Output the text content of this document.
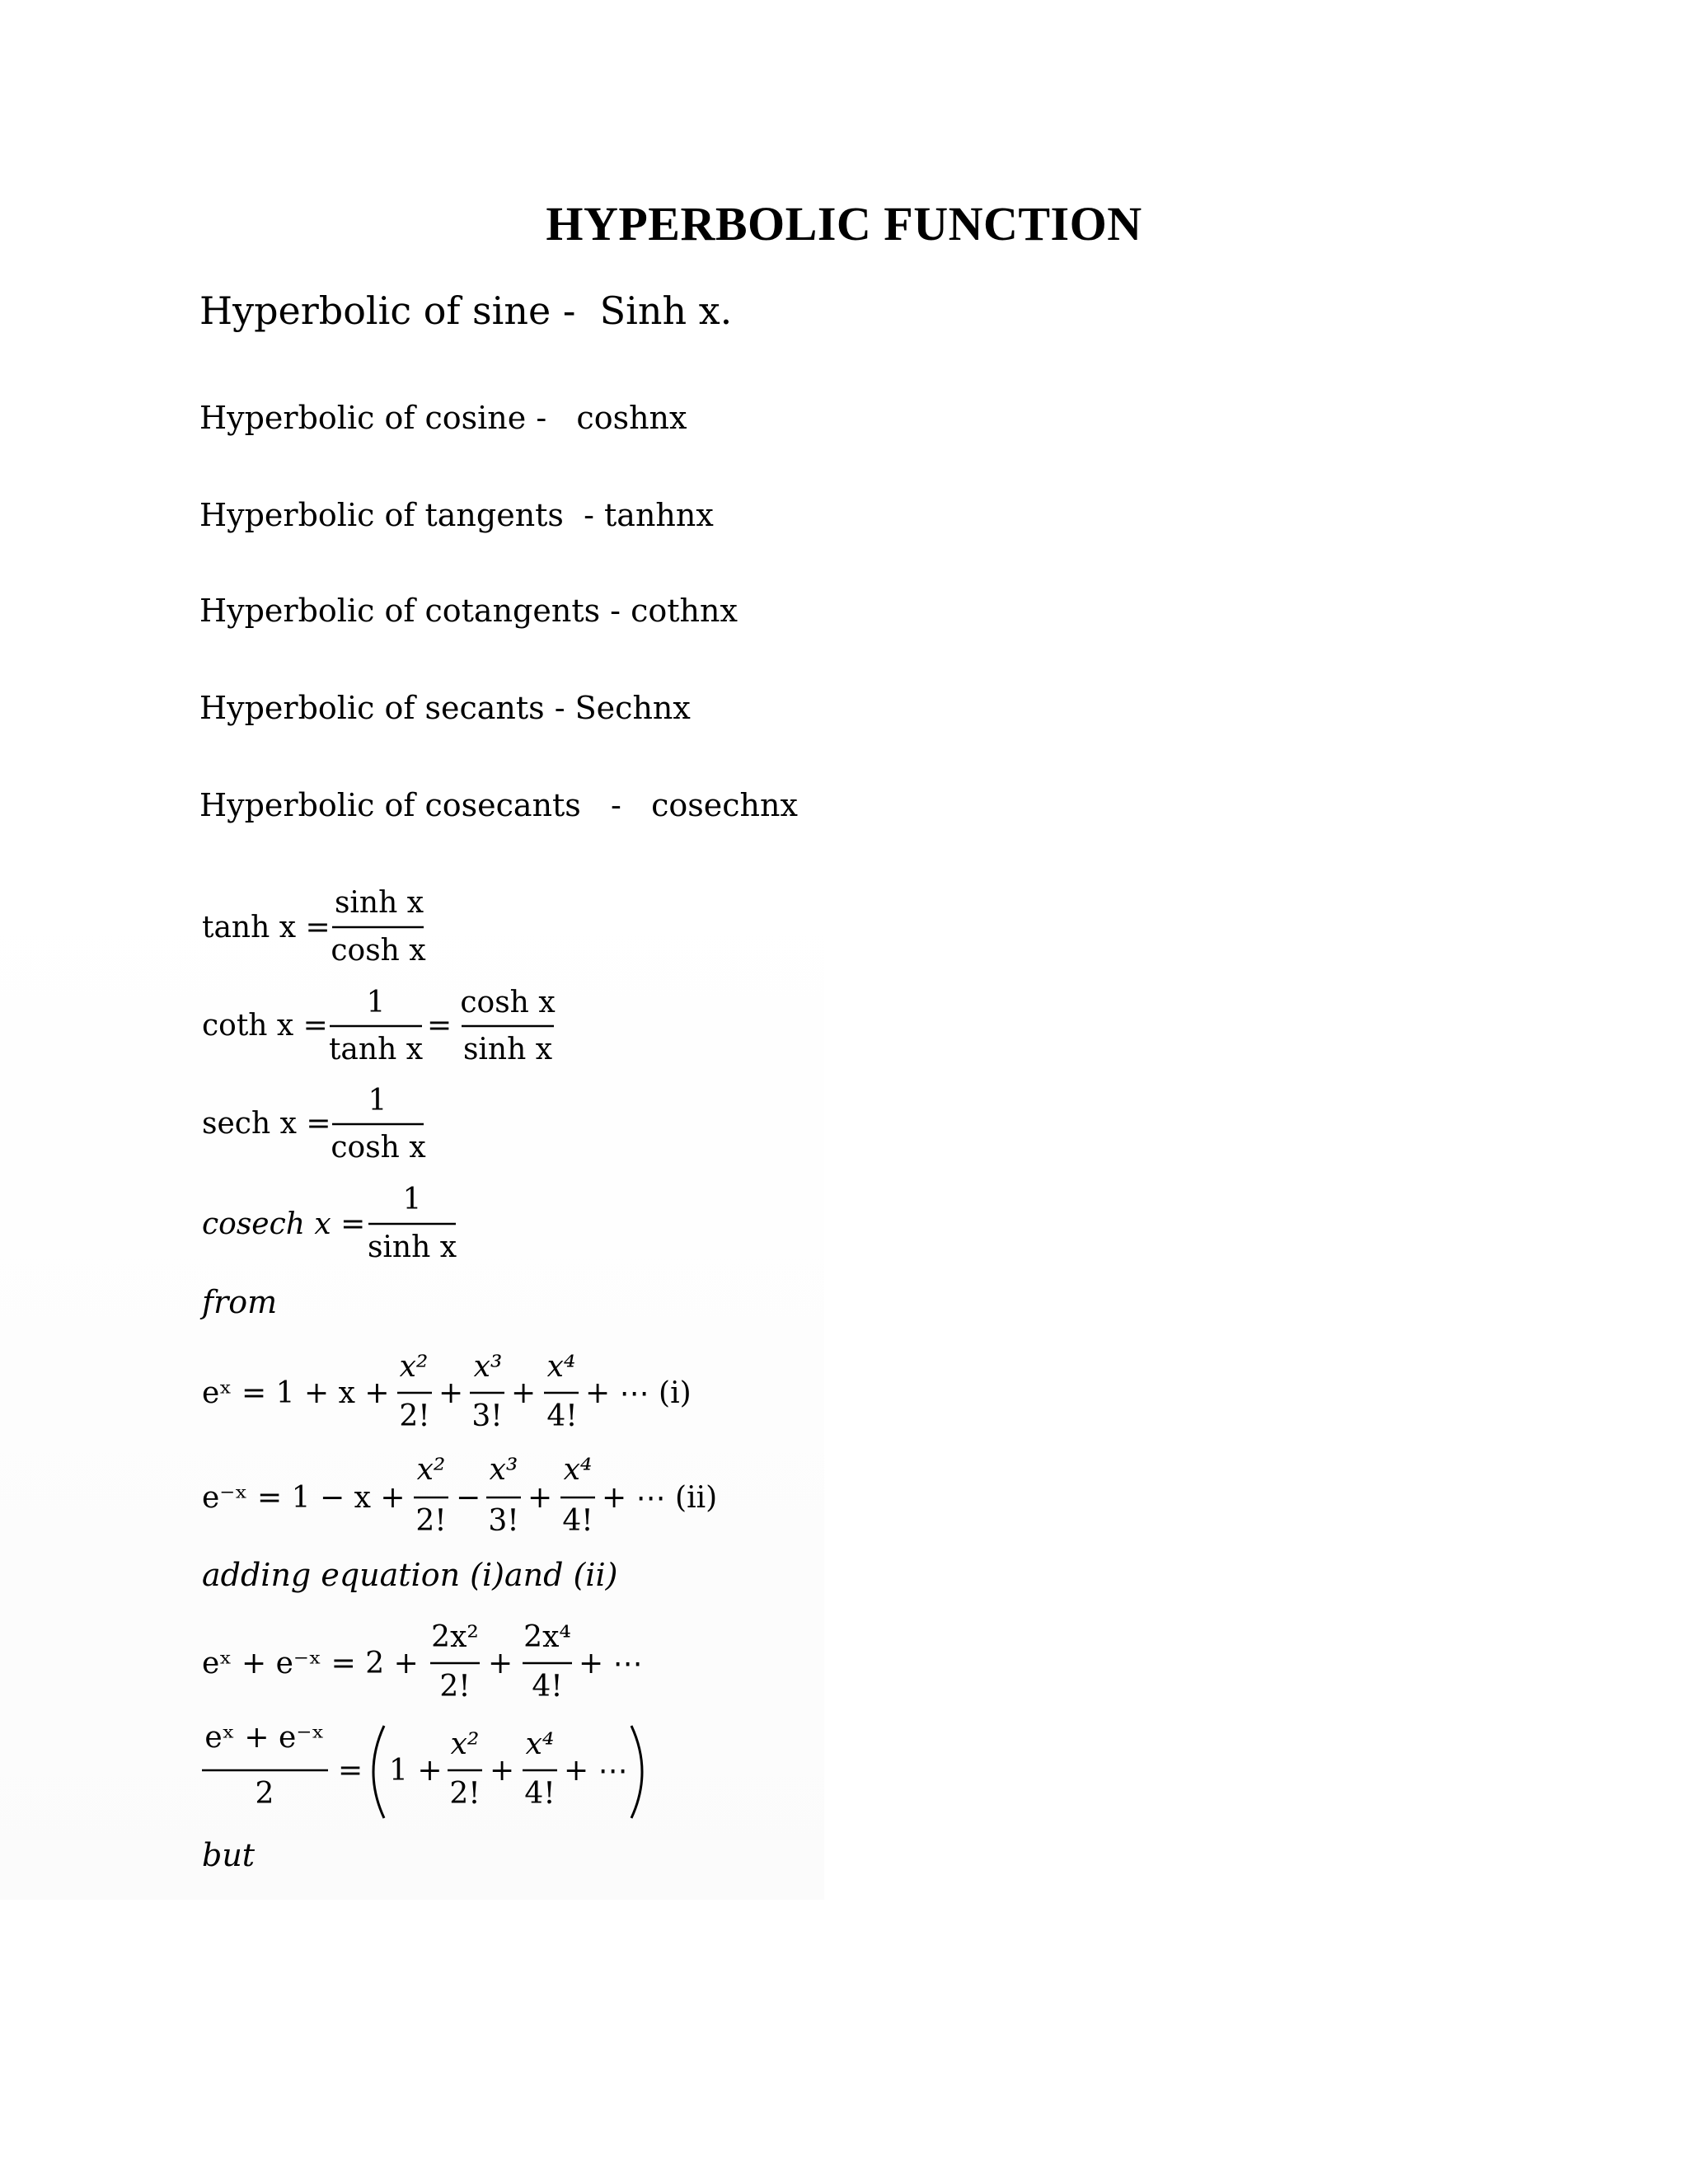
HYPERBOLIC FUNCTION
Hyperbolic of sine -  Sinh x.
Hyperbolic of cosine -   coshnx
Hyperbolic of tangents  - tanhnx
Hyperbolic of cotangents - cothnx
Hyperbolic of secants - Sechnx
Hyperbolic of cosecants   -   cosechnx
tanh x =
sinh x
cosh x
coth x =
1
tanh x
=
cosh x
sinh x
sech x =
1
cosh x
cosech x =
1
sinh x
from
eˣ = 1 + x +
x²
2!
+
x³
3!
+
x⁴
4!
+ ⋯ (i)
e⁻ˣ = 1 − x +
x²
2!
−
x³
3!
+
x⁴
4!
+ ⋯ (ii)
adding equation (i)and (ii)
eˣ + e⁻ˣ = 2 +
2x²
2!
+
2x⁴
4!
+ ⋯
eˣ + e⁻ˣ
2
= 1 +
x²
2!
+
x⁴
4!
+ ⋯
but
